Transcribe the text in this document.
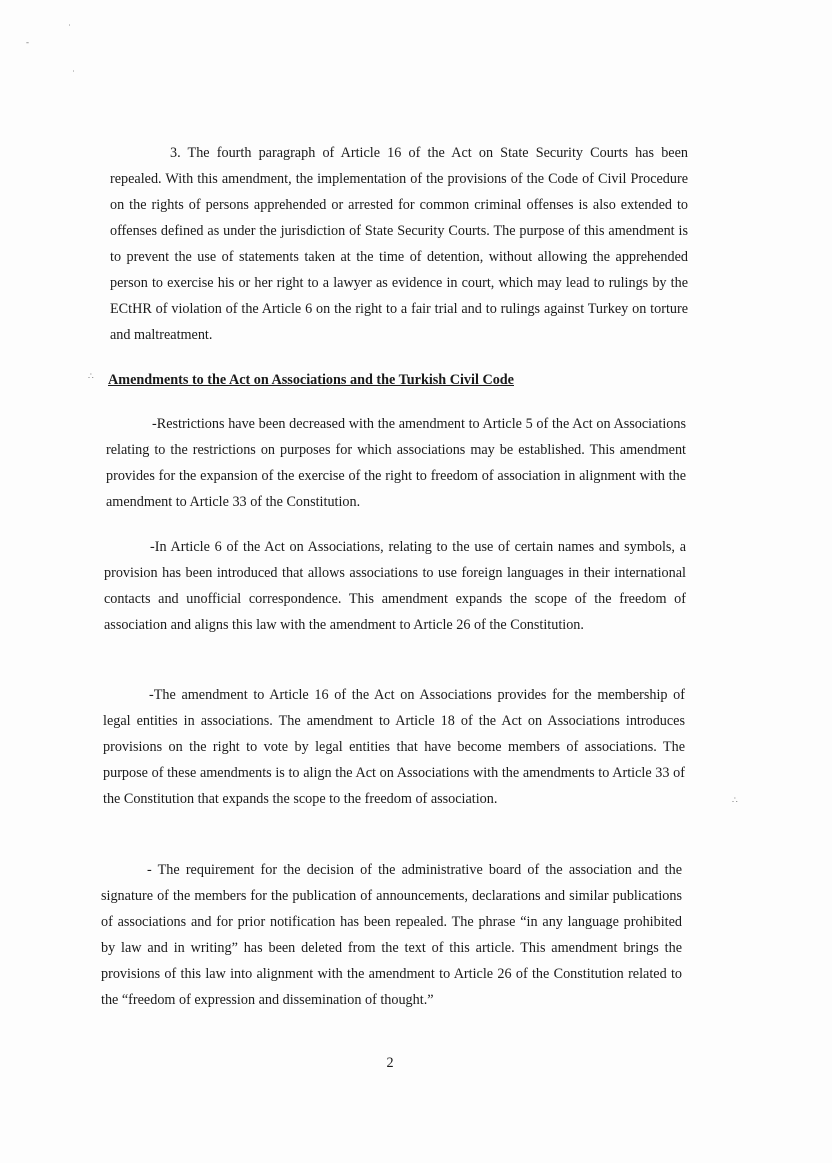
˙
-
˙
∴
∴

3. The fourth paragraph of Article 16 of the Act on State Security Courts has been repealed. With this amendment, the implementation of the provisions of the Code of Civil Procedure on the rights of persons apprehended or arrested for common criminal offenses is also extended to offenses defined as under the jurisdiction of State Security Courts. The purpose of this amendment is to prevent the use of statements taken at the time of detention, without allowing the apprehended person to exercise his or her right to a lawyer as evidence in court, which may lead to rulings by the ECtHR of violation of the Article 6 on the right to a fair trial and to rulings against Turkey on torture and maltreatment.

Amendments to the Act on Associations and the Turkish Civil Code

-Restrictions have been decreased with the amendment to Article 5 of the Act on Associations relating to the restrictions on purposes for which associations may be established. This amendment provides for the expansion of the exercise of the right to freedom of association in alignment with the amendment to Article 33 of the Constitution.

-In Article 6 of the Act on Associations, relating to the use of certain names and symbols, a provision has been introduced that allows associations to use foreign languages in their international contacts and unofficial correspondence. This amendment expands the scope of the freedom of association and aligns this law with the amendment to Article 26 of the Constitution.

-The amendment to Article 16 of the Act on Associations provides for the membership of legal entities in associations. The amendment to Article 18 of the Act on Associations introduces provisions on the right to vote by legal entities that have become members of associations. The purpose of these amendments is to align the Act on Associations with the amendments to Article 33 of the Constitution that expands the scope to the freedom of association.

- The requirement for the decision of the administrative board of the association and the signature of the members for the publication of announcements, declarations and similar publications of associations and for prior notification has been repealed. The phrase “in any language prohibited by law and in writing” has been deleted from the text of this article. This amendment brings the provisions of this law into alignment with the amendment to Article 26 of the Constitution related to the “freedom of expression and dissemination of thought.”

2
